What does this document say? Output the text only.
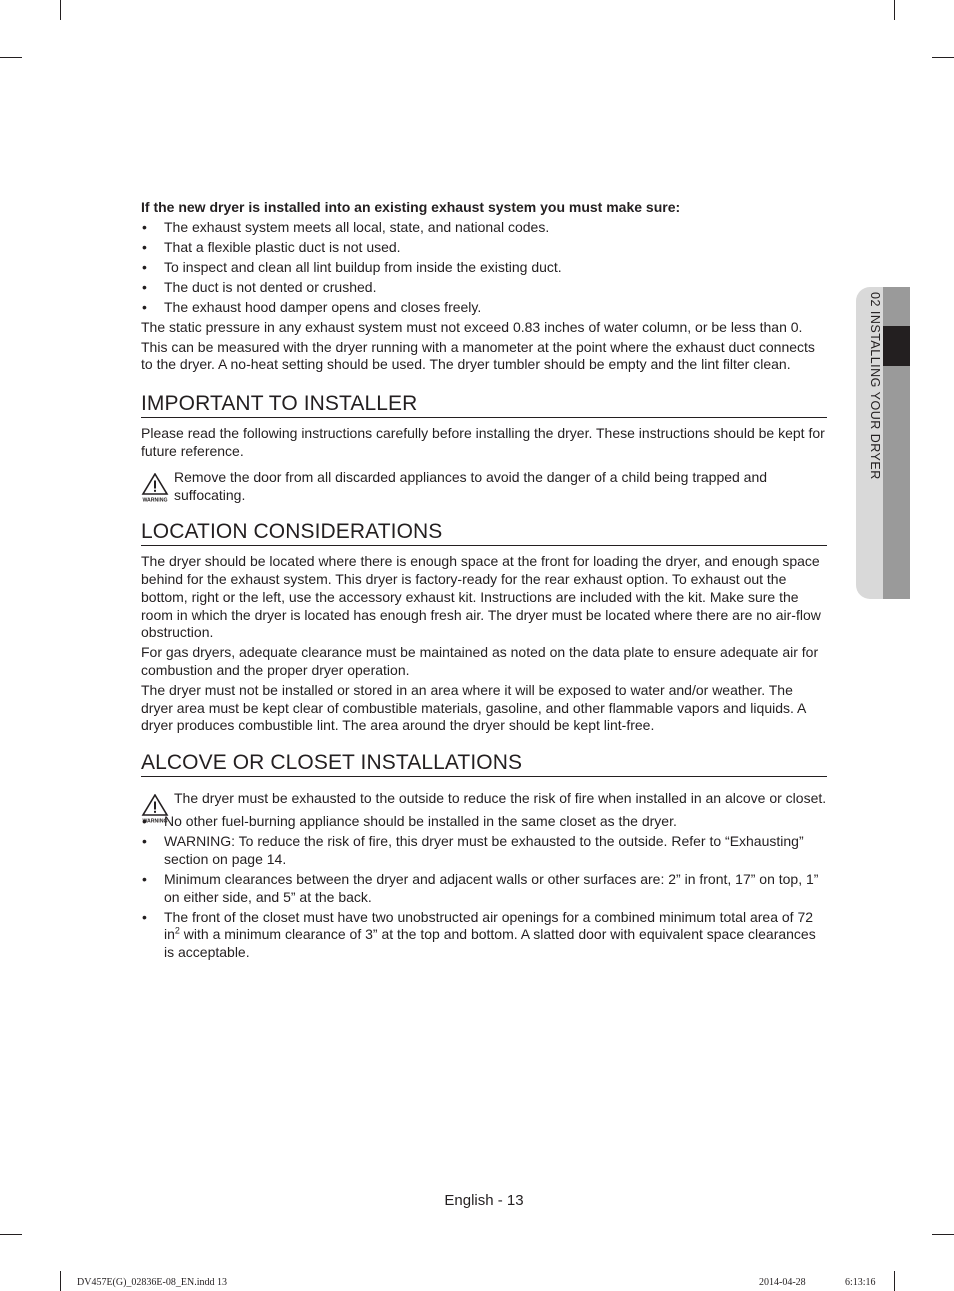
02 INSTALLING YOUR DRYER

If the new dryer is installed into an existing exhaust system you must make sure:

• The exhaust system meets all local, state, and national codes.
• That a flexible plastic duct is not used.
• To inspect and clean all lint buildup from inside the existing duct.
• The duct is not dented or crushed.
• The exhaust hood damper opens and closes freely.

The static pressure in any exhaust system must not exceed 0.83 inches of water column, or be less than 0.

This can be measured with the dryer running with a manometer at the point where the exhaust duct connects to the dryer. A no-heat setting should be used. The dryer tumbler should be empty and the lint filter clean.

IMPORTANT TO INSTALLER

Please read the following instructions carefully before installing the dryer. These instructions should be kept for future reference.

WARNING

Remove the door from all discarded appliances to avoid the danger of a child being trapped and suffocating.

LOCATION CONSIDERATIONS

The dryer should be located where there is enough space at the front for loading the dryer, and enough space behind for the exhaust system. This dryer is factory-ready for the rear exhaust option. To exhaust out the bottom, right or the left, use the accessory exhaust kit. Instructions are included with the kit. Make sure the room in which the dryer is located has enough fresh air. The dryer must be located where there are no air-flow obstruction.

For gas dryers, adequate clearance must be maintained as noted on the data plate to ensure adequate air for combustion and the proper dryer operation.

The dryer must not be installed or stored in an area where it will be exposed to water and/or weather. The dryer area must be kept clear of combustible materials, gasoline, and other flammable vapors and liquids. A dryer produces combustible lint. The area around the dryer should be kept lint-free.

ALCOVE OR CLOSET INSTALLATIONS
WARNING

The dryer must be exhausted to the outside to reduce the risk of fire when installed in an alcove or closet.

• No other fuel-burning appliance should be installed in the same closet as the dryer.
• WARNING: To reduce the risk of fire, this dryer must be exhausted to the outside. Refer to “Exhausting” section on page 14.
• Minimum clearances between the dryer and adjacent walls or other surfaces are: 2” in front, 17” on top, 1” on either side, and 5” at the back.
• The front of the closet must have two unobstructed air openings for a combined minimum total area of 72 $in^2$ with a minimum clearance of 3” at the top and bottom. A slatted door with equivalent space clearances is acceptable.
English - 13
DV457E(G)_02836E-08_EN.indd 13	2014-04-28	6:13:16
